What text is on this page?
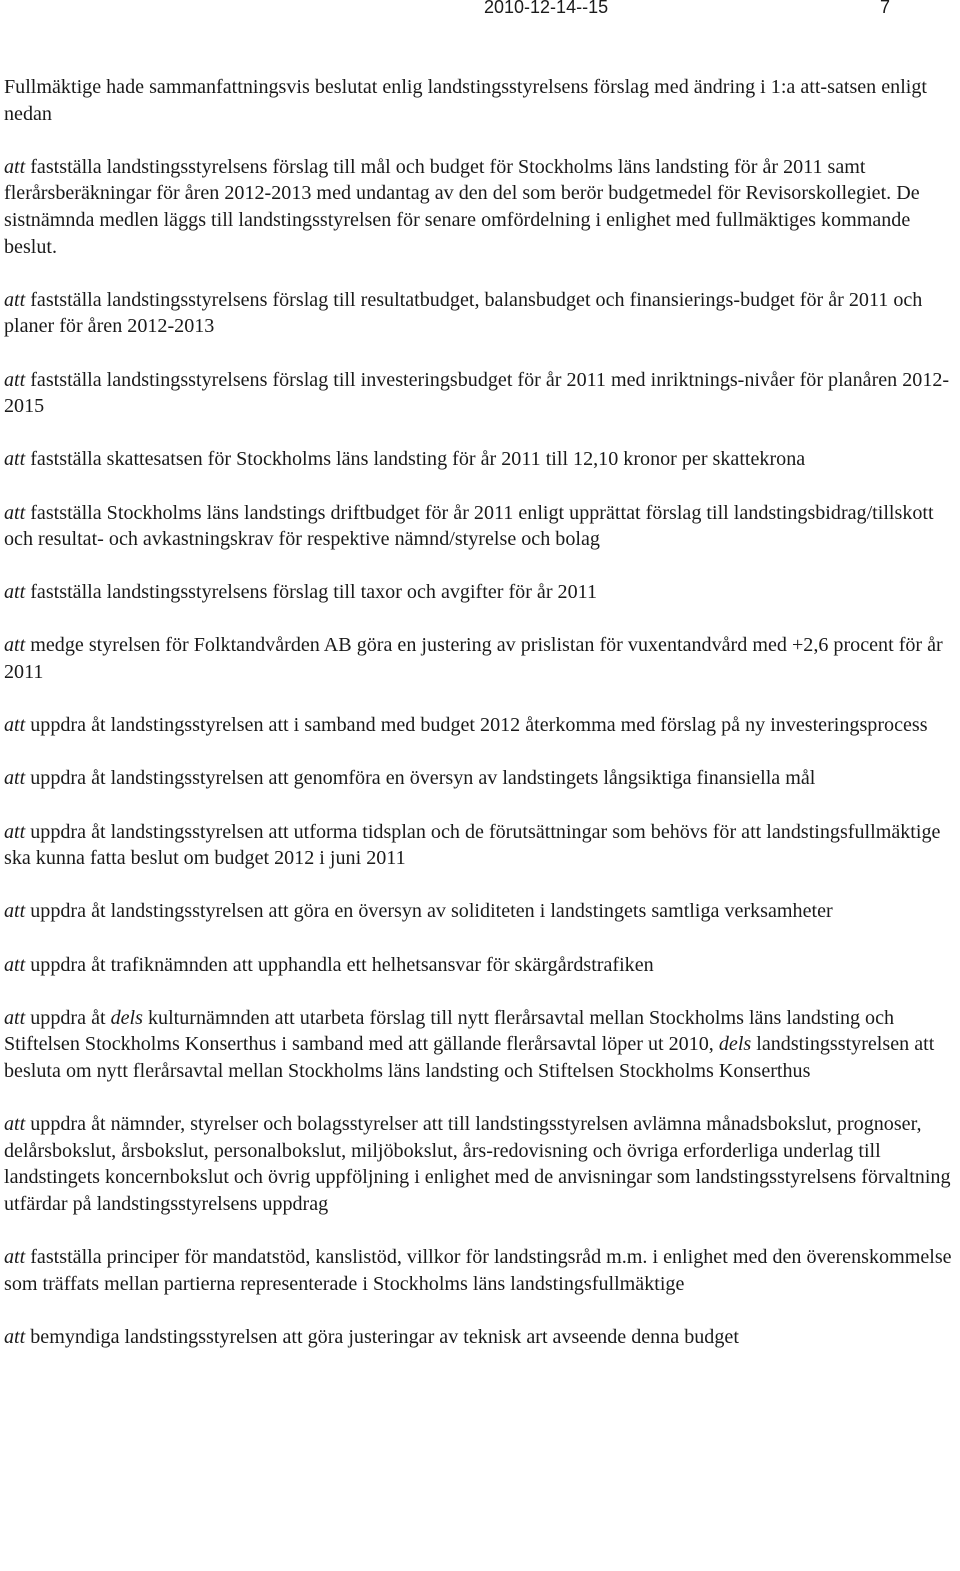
2010-12-14--15	7

Fullmäktige hade sammanfattningsvis beslutat enlig landstingsstyrelsens förslag med ändring i 1:a att-satsen enligt nedan

att fastställa landstingsstyrelsens förslag till mål och budget för Stockholms läns landsting för år 2011 samt flerårsberäkningar för åren 2012-2013 med undantag av den del som berör budgetmedel för Revisorskollegiet. De sistnämnda medlen läggs till landstingsstyrelsen för senare omfördelning i enlighet med fullmäktiges kommande beslut.

att fastställa landstingsstyrelsens förslag till resultatbudget, balansbudget och finansierings-budget för år 2011 och planer för åren 2012-2013

att fastställa landstingsstyrelsens förslag till investeringsbudget för år 2011 med inriktnings-nivåer för planåren 2012-2015

att fastställa skattesatsen för Stockholms läns landsting för år 2011 till 12,10 kronor per skattekrona

att fastställa Stockholms läns landstings driftbudget för år 2011 enligt upprättat förslag till landstingsbidrag/tillskott och resultat- och avkastningskrav för respektive nämnd/styrelse och bolag

att fastställa landstingsstyrelsens förslag till taxor och avgifter för år 2011

att medge styrelsen för Folktandvården AB göra en justering av prislistan för vuxentandvård med +2,6 procent för år 2011

att uppdra åt landstingsstyrelsen att i samband med budget 2012 återkomma med förslag på ny investeringsprocess

att uppdra åt landstingsstyrelsen att genomföra en översyn av landstingets långsiktiga finansiella mål

att uppdra åt landstingsstyrelsen att utforma tidsplan och de förutsättningar som behövs för att landstingsfullmäktige ska kunna fatta beslut om budget 2012 i juni 2011

att uppdra åt landstingsstyrelsen att göra en översyn av soliditeten i landstingets samtliga verksamheter

att uppdra åt trafiknämnden att upphandla ett helhetsansvar för skärgårdstrafiken

att uppdra åt dels kulturnämnden att utarbeta förslag till nytt flerårsavtal mellan Stockholms läns landsting och Stiftelsen Stockholms Konserthus i samband med att gällande flerårsavtal löper ut 2010, dels landstingsstyrelsen att besluta om nytt flerårsavtal mellan Stockholms läns landsting och Stiftelsen Stockholms Konserthus

att uppdra åt nämnder, styrelser och bolagsstyrelser att till landstingsstyrelsen avlämna månadsbokslut, prognoser, delårsbokslut, årsbokslut, personalbokslut, miljöbokslut, års-redovisning och övriga erforderliga underlag till landstingets koncernbokslut och övrig uppföljning i enlighet med de anvisningar som landstingsstyrelsens förvaltning utfärdar på landstingsstyrelsens uppdrag

att fastställa principer för mandatstöd, kanslistöd, villkor för landstingsråd m.m. i enlighet med den överenskommelse som träffats mellan partierna representerade i Stockholms läns landstingsfullmäktige

att bemyndiga landstingsstyrelsen att göra justeringar av teknisk art avseende denna budget
